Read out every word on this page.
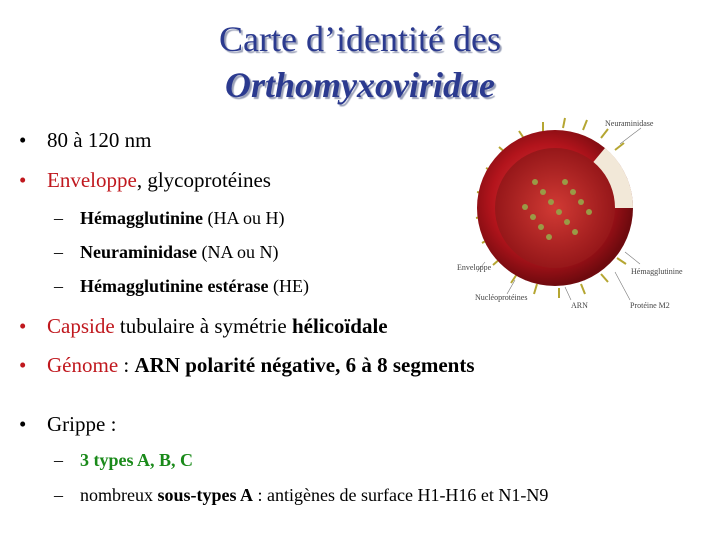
Carte d’identité des
Orthomyxoviridae
• 80 à 120 nm
• Enveloppe, glycoprotéines
– Hémagglutinine (HA ou H)
– Neuraminidase (NA ou N)
– Hémagglutinine estérase (HE)
• Capside tubulaire à symétrie hélicoïdale
• Génome : ARN polarité négative, 6 à 8 segments
• Grippe :
– 3 types A, B, C
– nombreux sous-types A : antigènes de surface H1-H16 et N1-N9
Neuraminidase
Enveloppe	Hémagglutinine
Nucléoprotéines
ARN	Protéine M2
